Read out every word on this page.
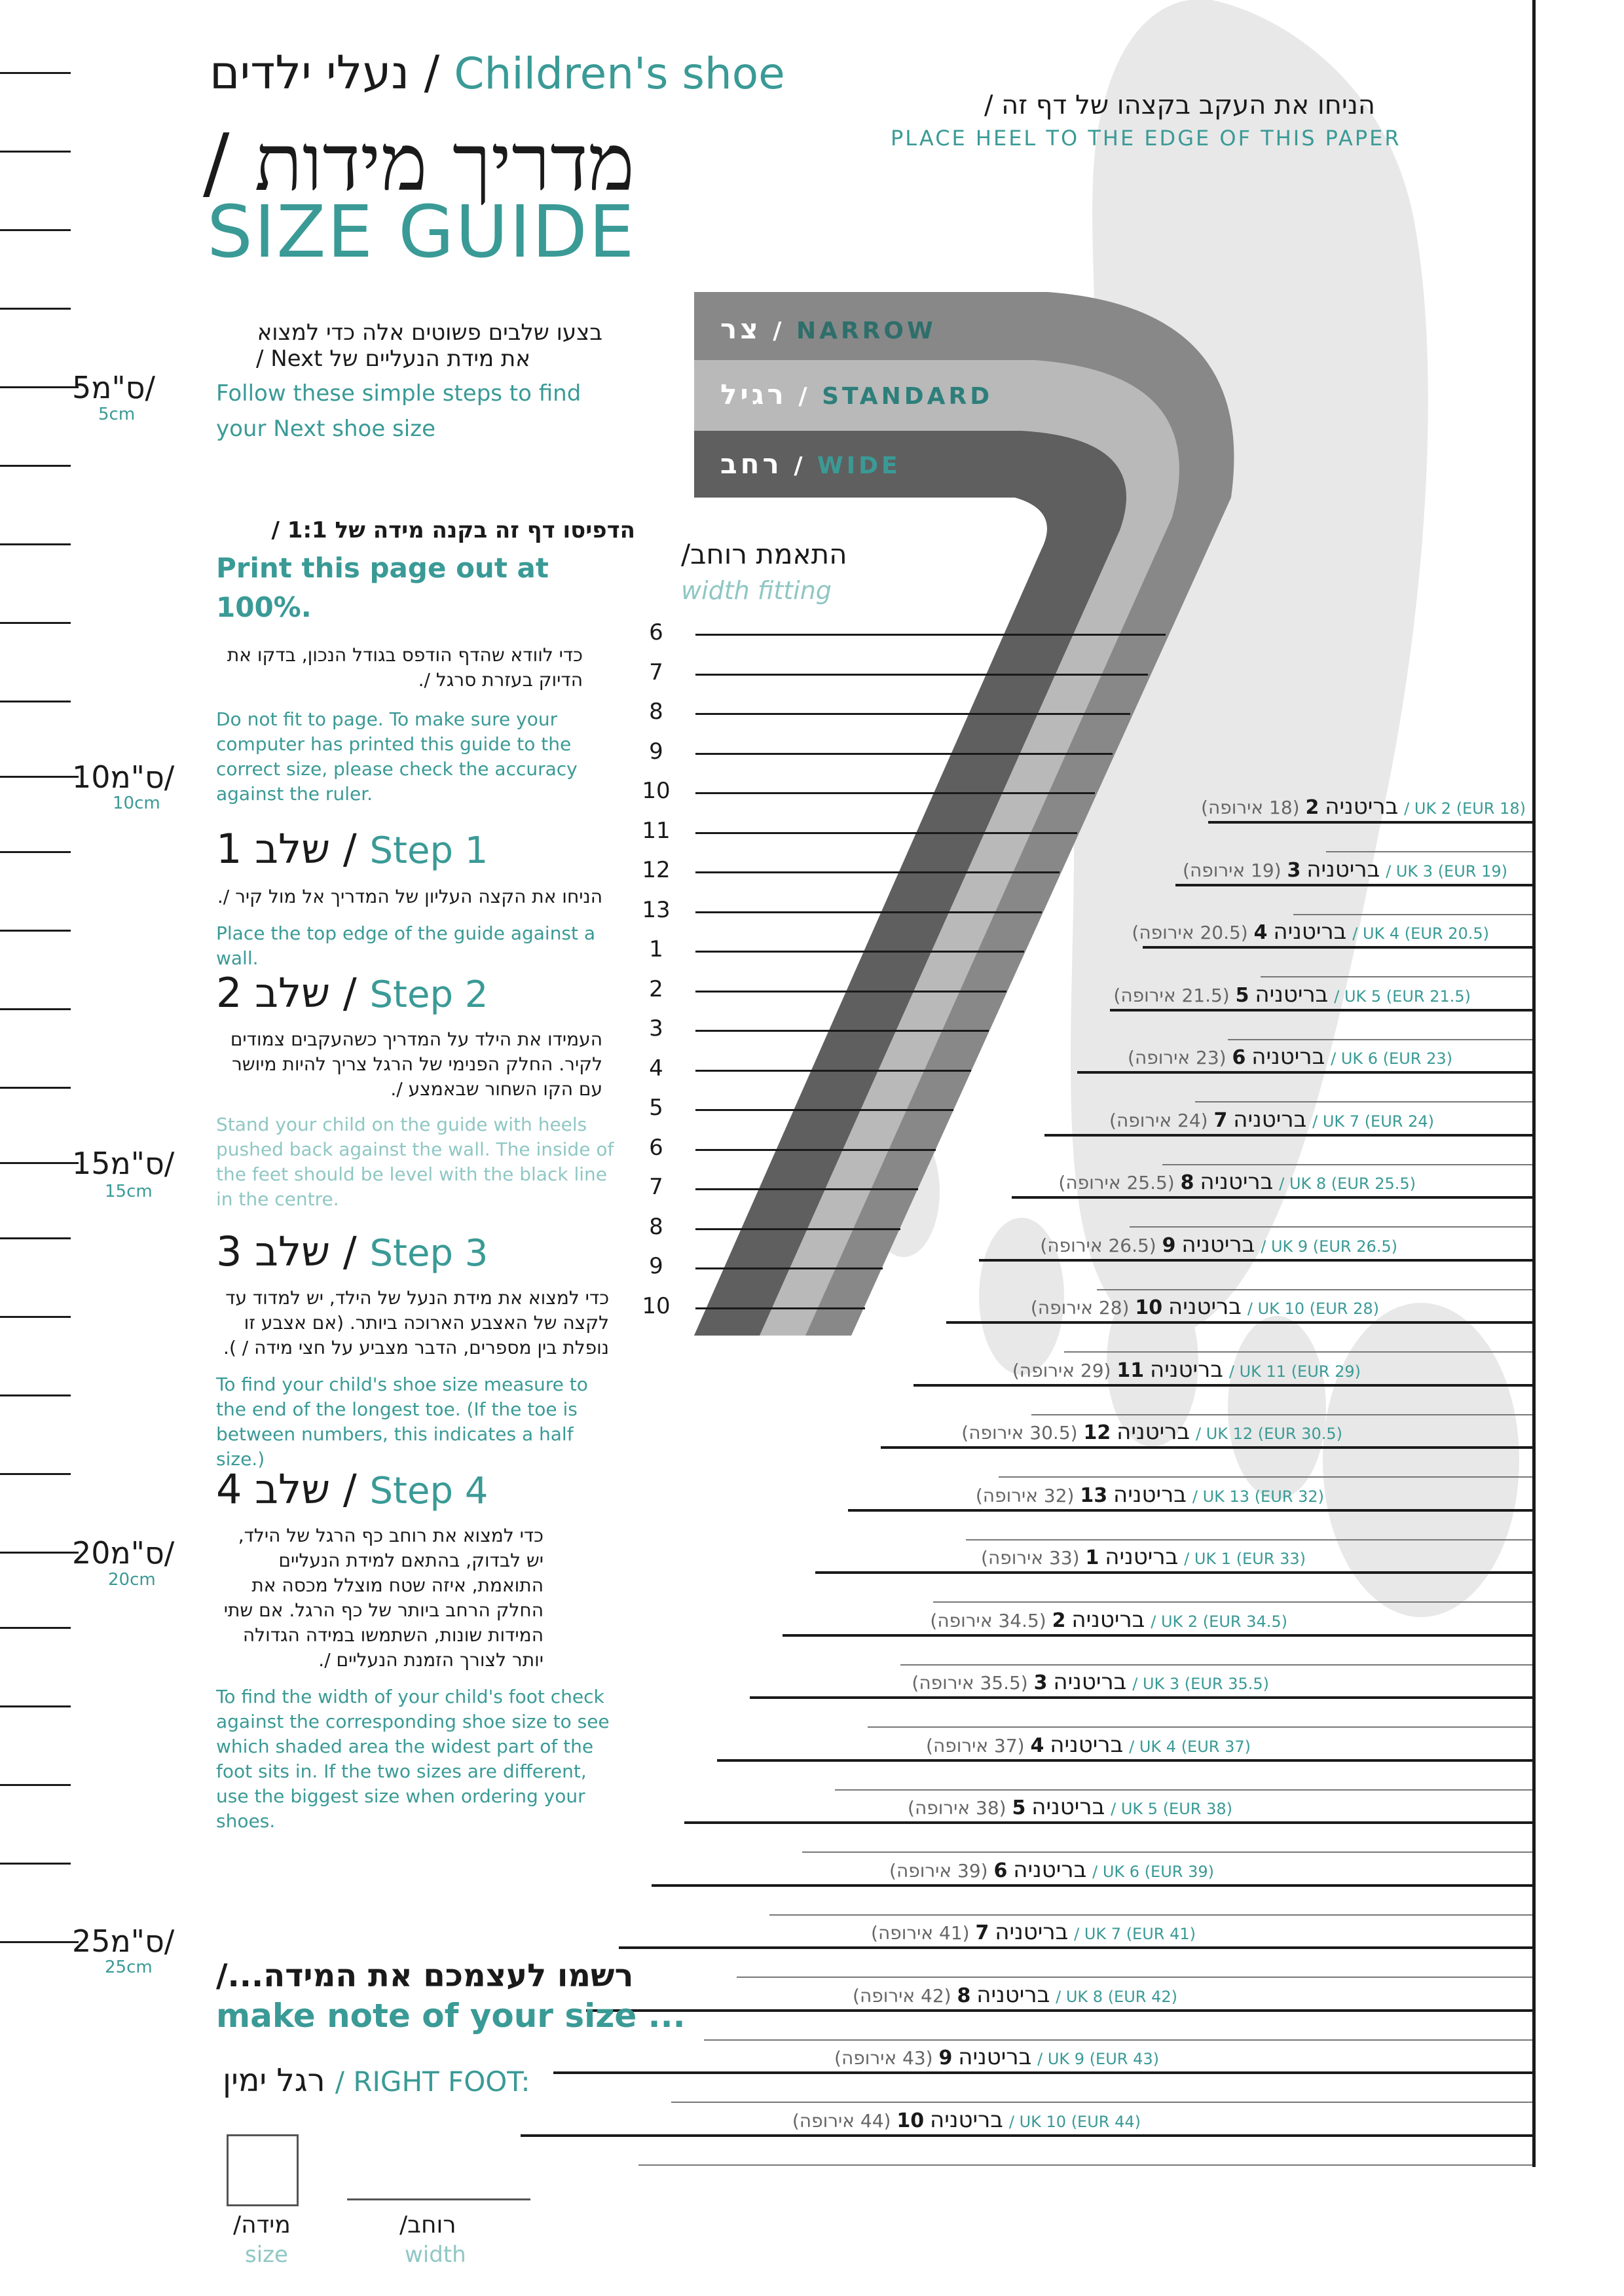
5/ס"מ
5cm
10/ס"מ
10cm
15/ס"מ
15cm
20/ס"מ
20cm
25/ס"מ
25cm
נעלי ילדים / Children's shoe
/ מדריך מידות
SIZE GUIDE
הניחו את העקב בקצהו של דף זה /
PLACE HEEL TO THE EDGE OF THIS PAPER
בצעו שלבים פשוטים אלה כדי למצוא
את מידת הנעליים של Next /
Follow these simple steps to find your Next shoe size
הדפיסו דף זה בקנה מידה של 1:1 /
Print this page out at 100%.
כדי לוודא שהדף הודפס בגודל הנכון, בדקו את הדיוק בעזרת סרגל /.
Do not fit to page. To make sure your computer has printed this guide to the correct size, please check the accuracy against the ruler.
שלב 1 / Step 1
הניחו את הקצה העליון של המדריך אל מול קיר /.
Place the top edge of the guide against a wall.
שלב 2 / Step 2
העמידו את הילד על המדריך כשהעקבים צמודים לקיר. החלק הפנימי של הרגל צריך להיות מיושר עם הקו השחור שבאמצע /.
Stand your child on the guide with heels pushed back against the wall. The inside of the feet should be level with the black line in the centre.
שלב 3 / Step 3
כדי למצוא את מידת הנעל של הילד, יש למדוד עד לקצה של האצבע הארוכה ביותר. (אם אצבע זו נופלת בין מספרים, הדבר מצביע על חצי מידה / ).
To find your child's shoe size measure to the end of the longest toe. (If the toe is between numbers, this indicates a half size.)
שלב 4 / Step 4
כדי למצוא את רוחב כף הרגל של הילד, יש לבדוק, בהתאם למידת הנעליים התואמת, איזה שטח מוצלל מכסה את החלק הרחב ביותר של כף הרגל. אם שתי המידות שונות, השתמשו במידה הגדולה יותר לצורך הזמנת הנעליים /.
To find the width of your child's foot check against the corresponding shoe size to see which shaded area the widest part of the foot sits in. If the two sizes are different, use the biggest size when ordering your shoes.
צר / NARROW
רגיל / STANDARD
רחב / WIDE
התאמת רוחב/
width fitting
6
7
8
9
10
11
12
13
1
2
3
4
5
6
7
8
9
10
(18 אירופה) 2 בריטניה / UK 2 (EUR 18)
(19 אירופה) 3 בריטניה / UK 3 (EUR 19)
(20.5 אירופה) 4 בריטניה / UK 4 (EUR 20.5)
(21.5 אירופה) 5 בריטניה / UK 5 (EUR 21.5)
(23 אירופה) 6 בריטניה / UK 6 (EUR 23)
(24 אירופה) 7 בריטניה / UK 7 (EUR 24)
(25.5 אירופה) 8 בריטניה / UK 8 (EUR 25.5)
(26.5 אירופה) 9 בריטניה / UK 9 (EUR 26.5)
(28 אירופה) 10 בריטניה / UK 10 (EUR 28)
(29 אירופה) 11 בריטניה / UK 11 (EUR 29)
(30.5 אירופה) 12 בריטניה / UK 12 (EUR 30.5)
(32 אירופה) 13 בריטניה / UK 13 (EUR 32)
(33 אירופה) 1 בריטניה / UK 1 (EUR 33)
(34.5 אירופה) 2 בריטניה / UK 2 (EUR 34.5)
(35.5 אירופה) 3 בריטניה / UK 3 (EUR 35.5)
(37 אירופה) 4 בריטניה / UK 4 (EUR 37)
(38 אירופה) 5 בריטניה / UK 5 (EUR 38)
(39 אירופה) 6 בריטניה / UK 6 (EUR 39)
(41 אירופה) 7 בריטניה / UK 7 (EUR 41)
(42 אירופה) 8 בריטניה / UK 8 (EUR 42)
(43 אירופה) 9 בריטניה / UK 9 (EUR 43)
(44 אירופה) 10 בריטניה / UK 10 (EUR 44)
רשמו לעצמכם את המידה.../
make note of your size ...
רגל ימין / RIGHT FOOT:
מידה/
size
רוחב/
width
